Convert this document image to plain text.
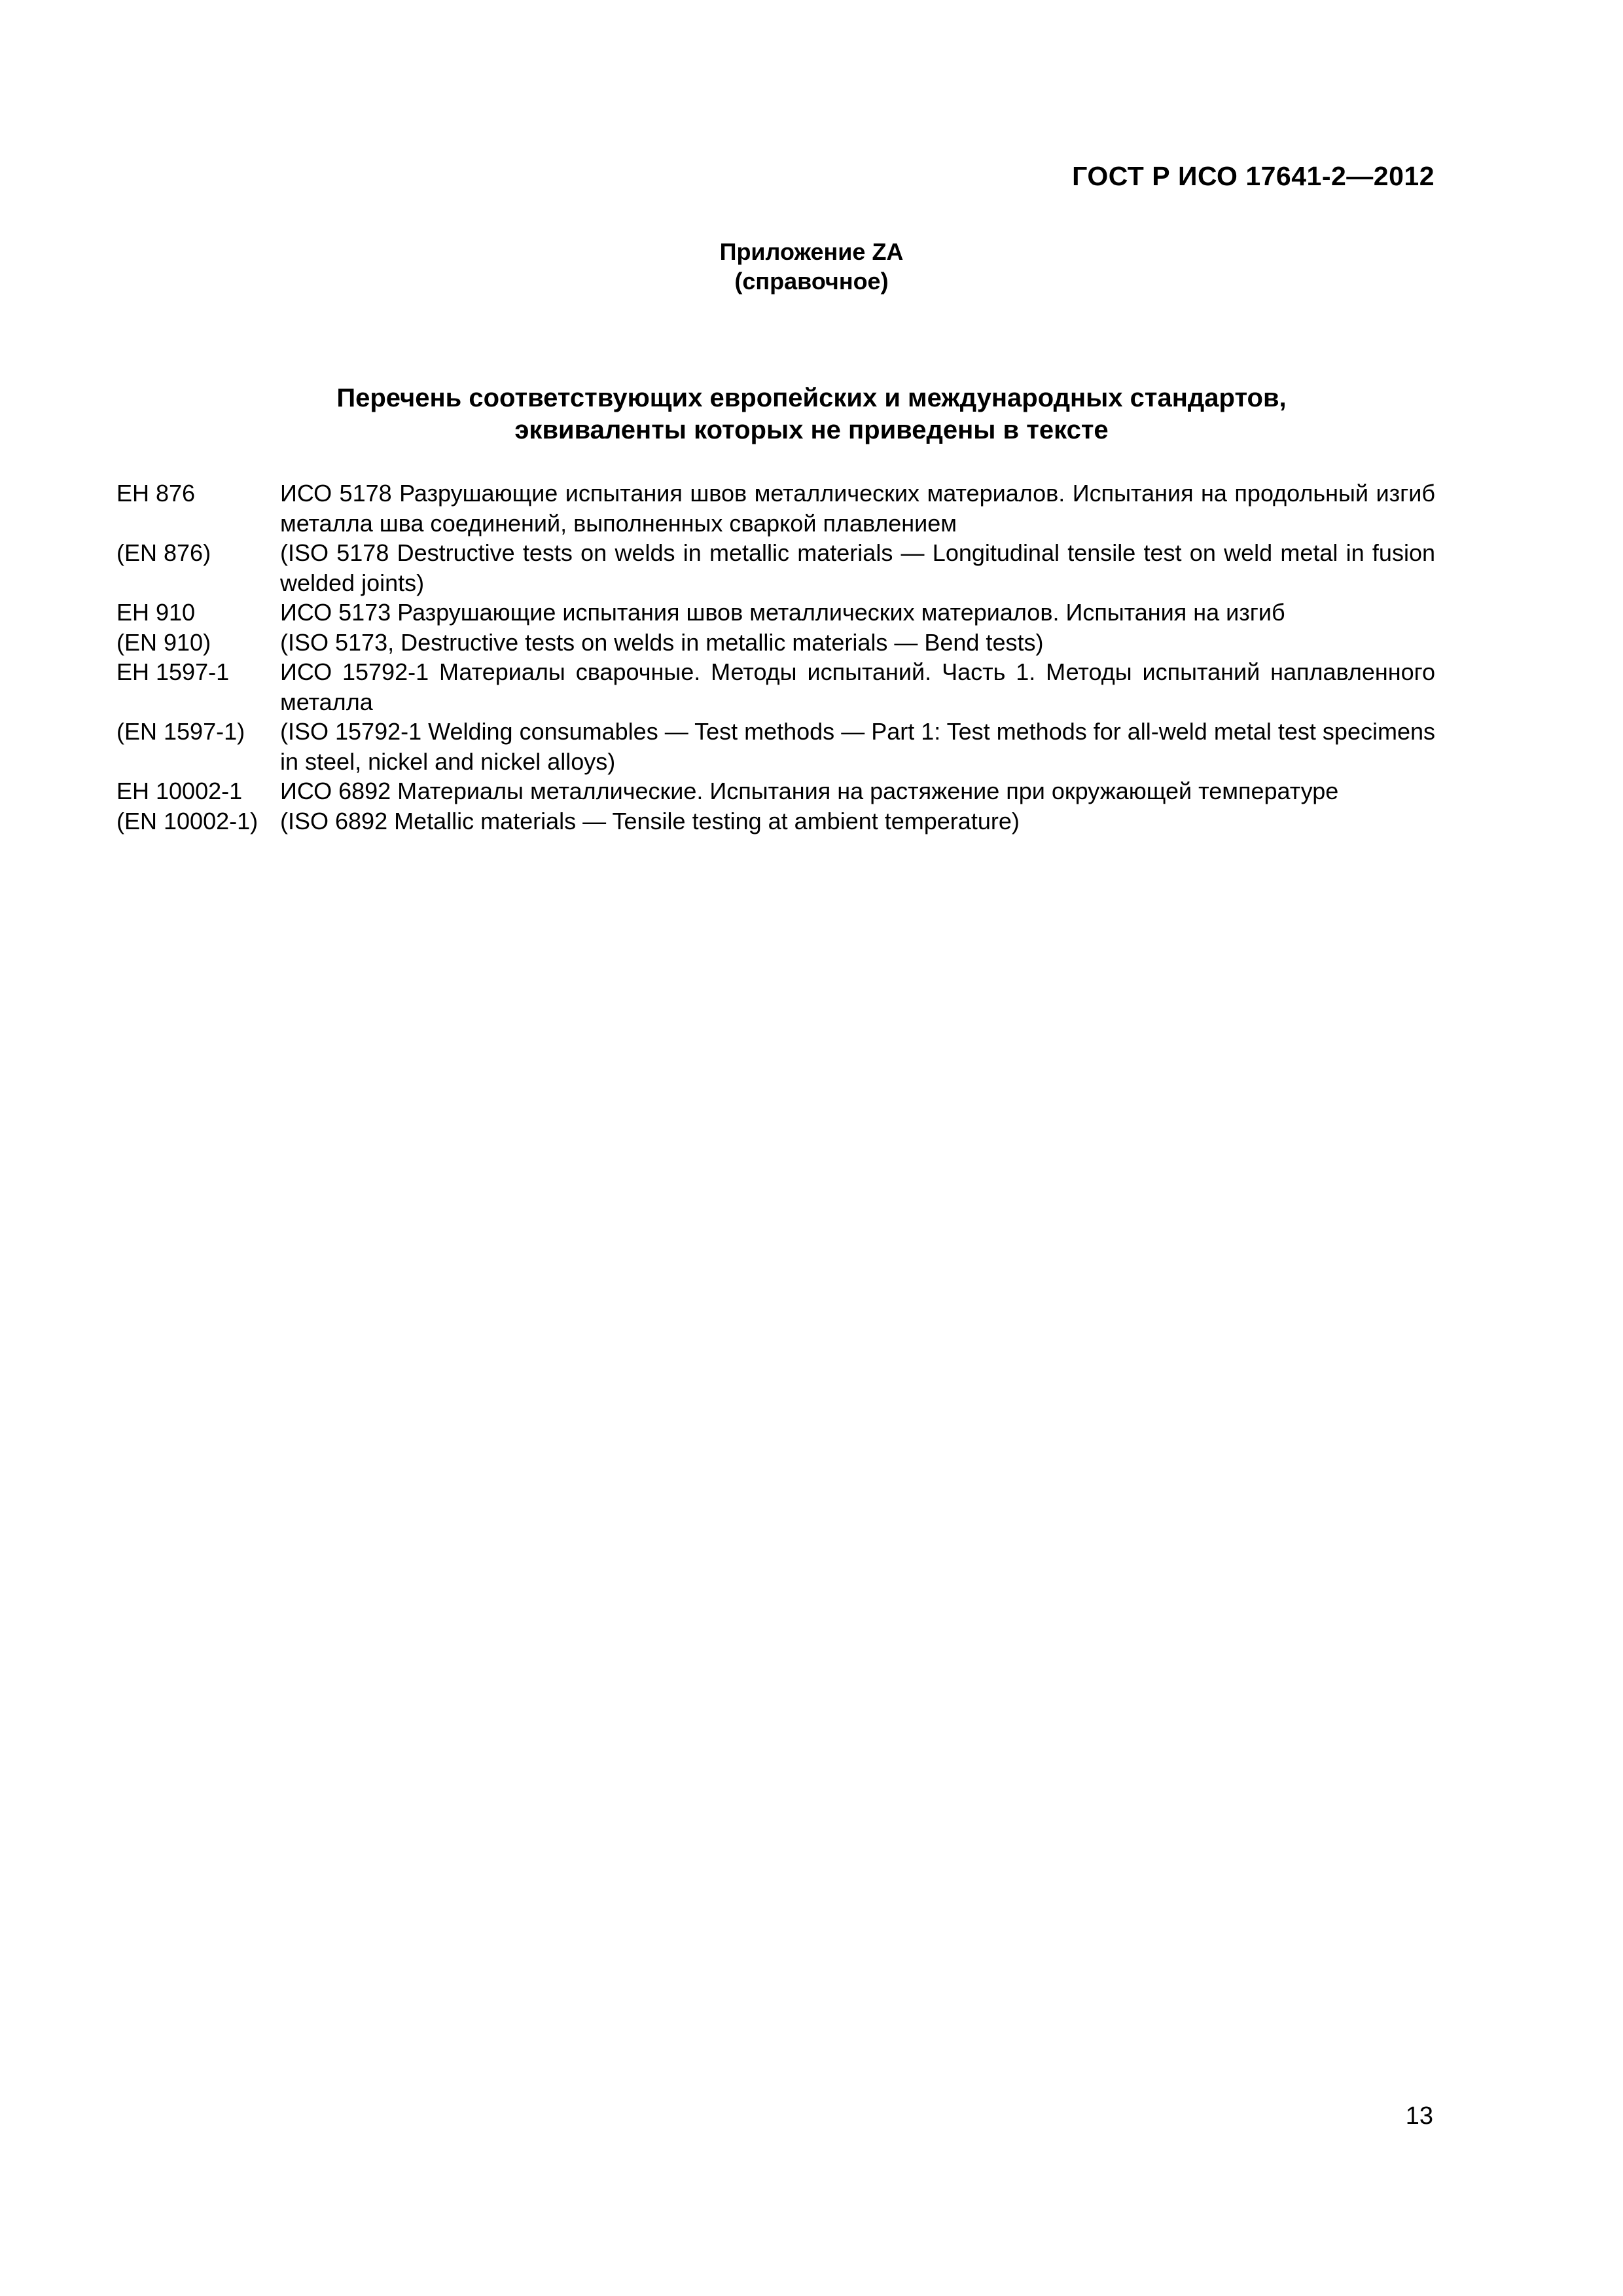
ГОСТ Р ИСО 17641-2—2012
Приложение ZA
(справочное)
Перечень соответствующих европейских и международных стандартов,
эквиваленты которых не приведены в тексте
ЕН 876	ИСО 5178 Разрушающие испытания швов металлических материалов. Испытания на продольный изгиб металла шва соединений, выполненных сваркой плавлением
(EN 876)	(ISO 5178 Destructive tests on welds in metallic materials — Longitudinal tensile test on weld metal in fusion welded joints)
ЕН 910	ИСО 5173 Разрушающие испытания швов металлических материалов. Испытания на изгиб
(EN 910)	(ISO 5173, Destructive tests on welds in metallic materials — Bend tests)
ЕН 1597-1	ИСО 15792-1 Материалы сварочные. Методы испытаний. Часть 1. Методы испытаний наплавленного металла
(EN 1597-1)	(ISO 15792-1 Welding consumables — Test methods — Part 1: Test methods for all-weld metal test specimens in steel, nickel and nickel alloys)
ЕН 10002-1	ИСО 6892 Материалы металлические. Испытания на растяжение при окружающей температуре
(EN 10002-1) (ISO 6892 Metallic materials — Tensile testing at ambient temperature)
13
